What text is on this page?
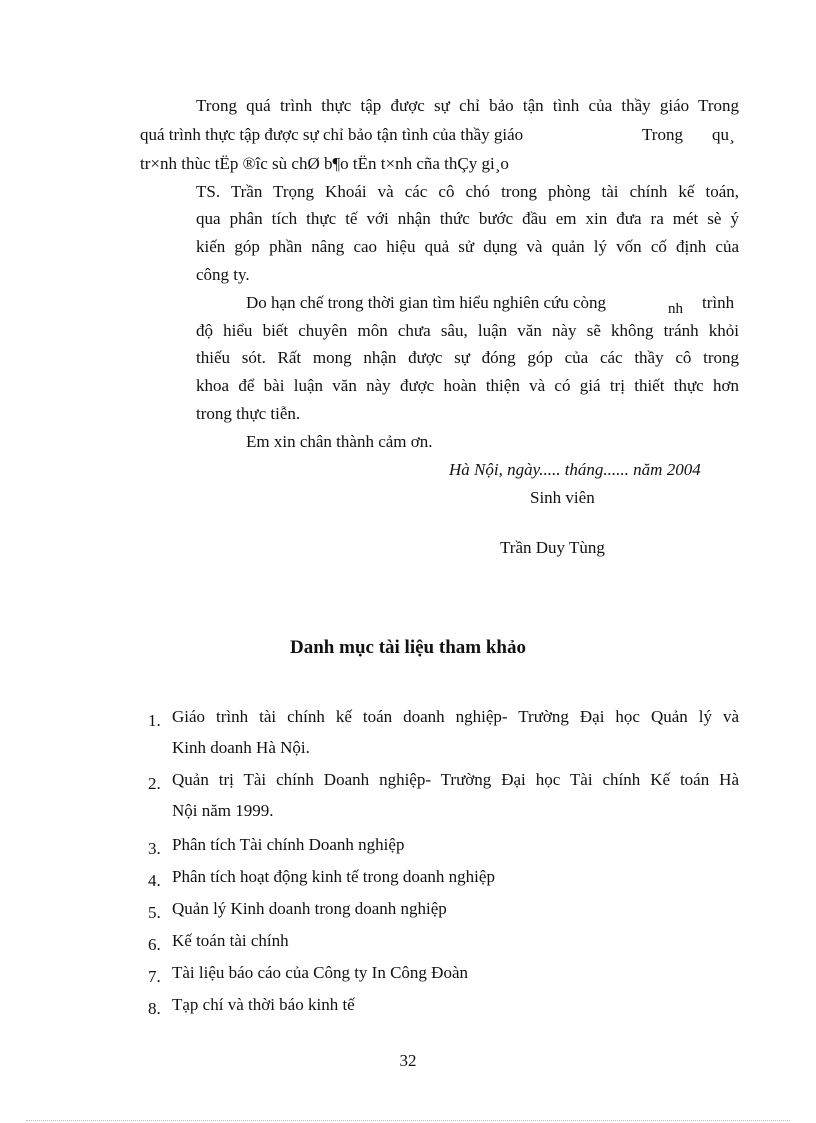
Trong quá trình thực tập được sự chỉ bảo tận tình của thầy giáo Trong
quá trình thực tập được sự chỉ bảo tận tình của thầy giáo	Trong qu¸
tr×nh thùc tËp ®îc sù chØ b¶o tËn t×nh cña thÇy gi¸o
TS. Trần Trọng Khoái và các cô chó trong phòng tài chính kế toán,
qua phân tích thực tế với nhận thức bước đầu em xin đưa ra mét sè ý
kiến góp phần nâng cao hiệu quả sử dụng và quản lý vốn cố định của
công ty.
Do hạn chế trong thời gian tìm hiểu nghiên cứu còng	nh trình
độ hiểu biết chuyên môn chưa sâu, luận văn này sẽ không tránh khỏi
thiếu sót. Rất mong nhận được sự đóng góp của các thầy cô trong
khoa để bài luận văn này được hoàn thiện và có giá trị thiết thực hơn
trong thực tiễn.
Em xin chân thành cảm ơn.
Hà Nội, ngày..... tháng...... năm 2004
Sinh viên
Trần Duy Tùng
Danh mục tài liệu tham khảo
1. Giáo trình tài chính kế toán doanh nghiệp- Trường Đại học Quản lý và
Kinh doanh Hà Nội.
2. Quản trị Tài chính Doanh nghiệp- Trường Đại học Tài chính Kế toán Hà
Nội năm 1999.
3. Phân tích Tài chính Doanh nghiệp
4. Phân tích hoạt động kinh tế trong doanh nghiệp
5. Quản lý Kinh doanh trong doanh nghiệp
6. Kế toán tài chính
7. Tài liệu báo cáo của Công ty In Công Đoàn
8. Tạp chí và thời báo kinh tế
32
